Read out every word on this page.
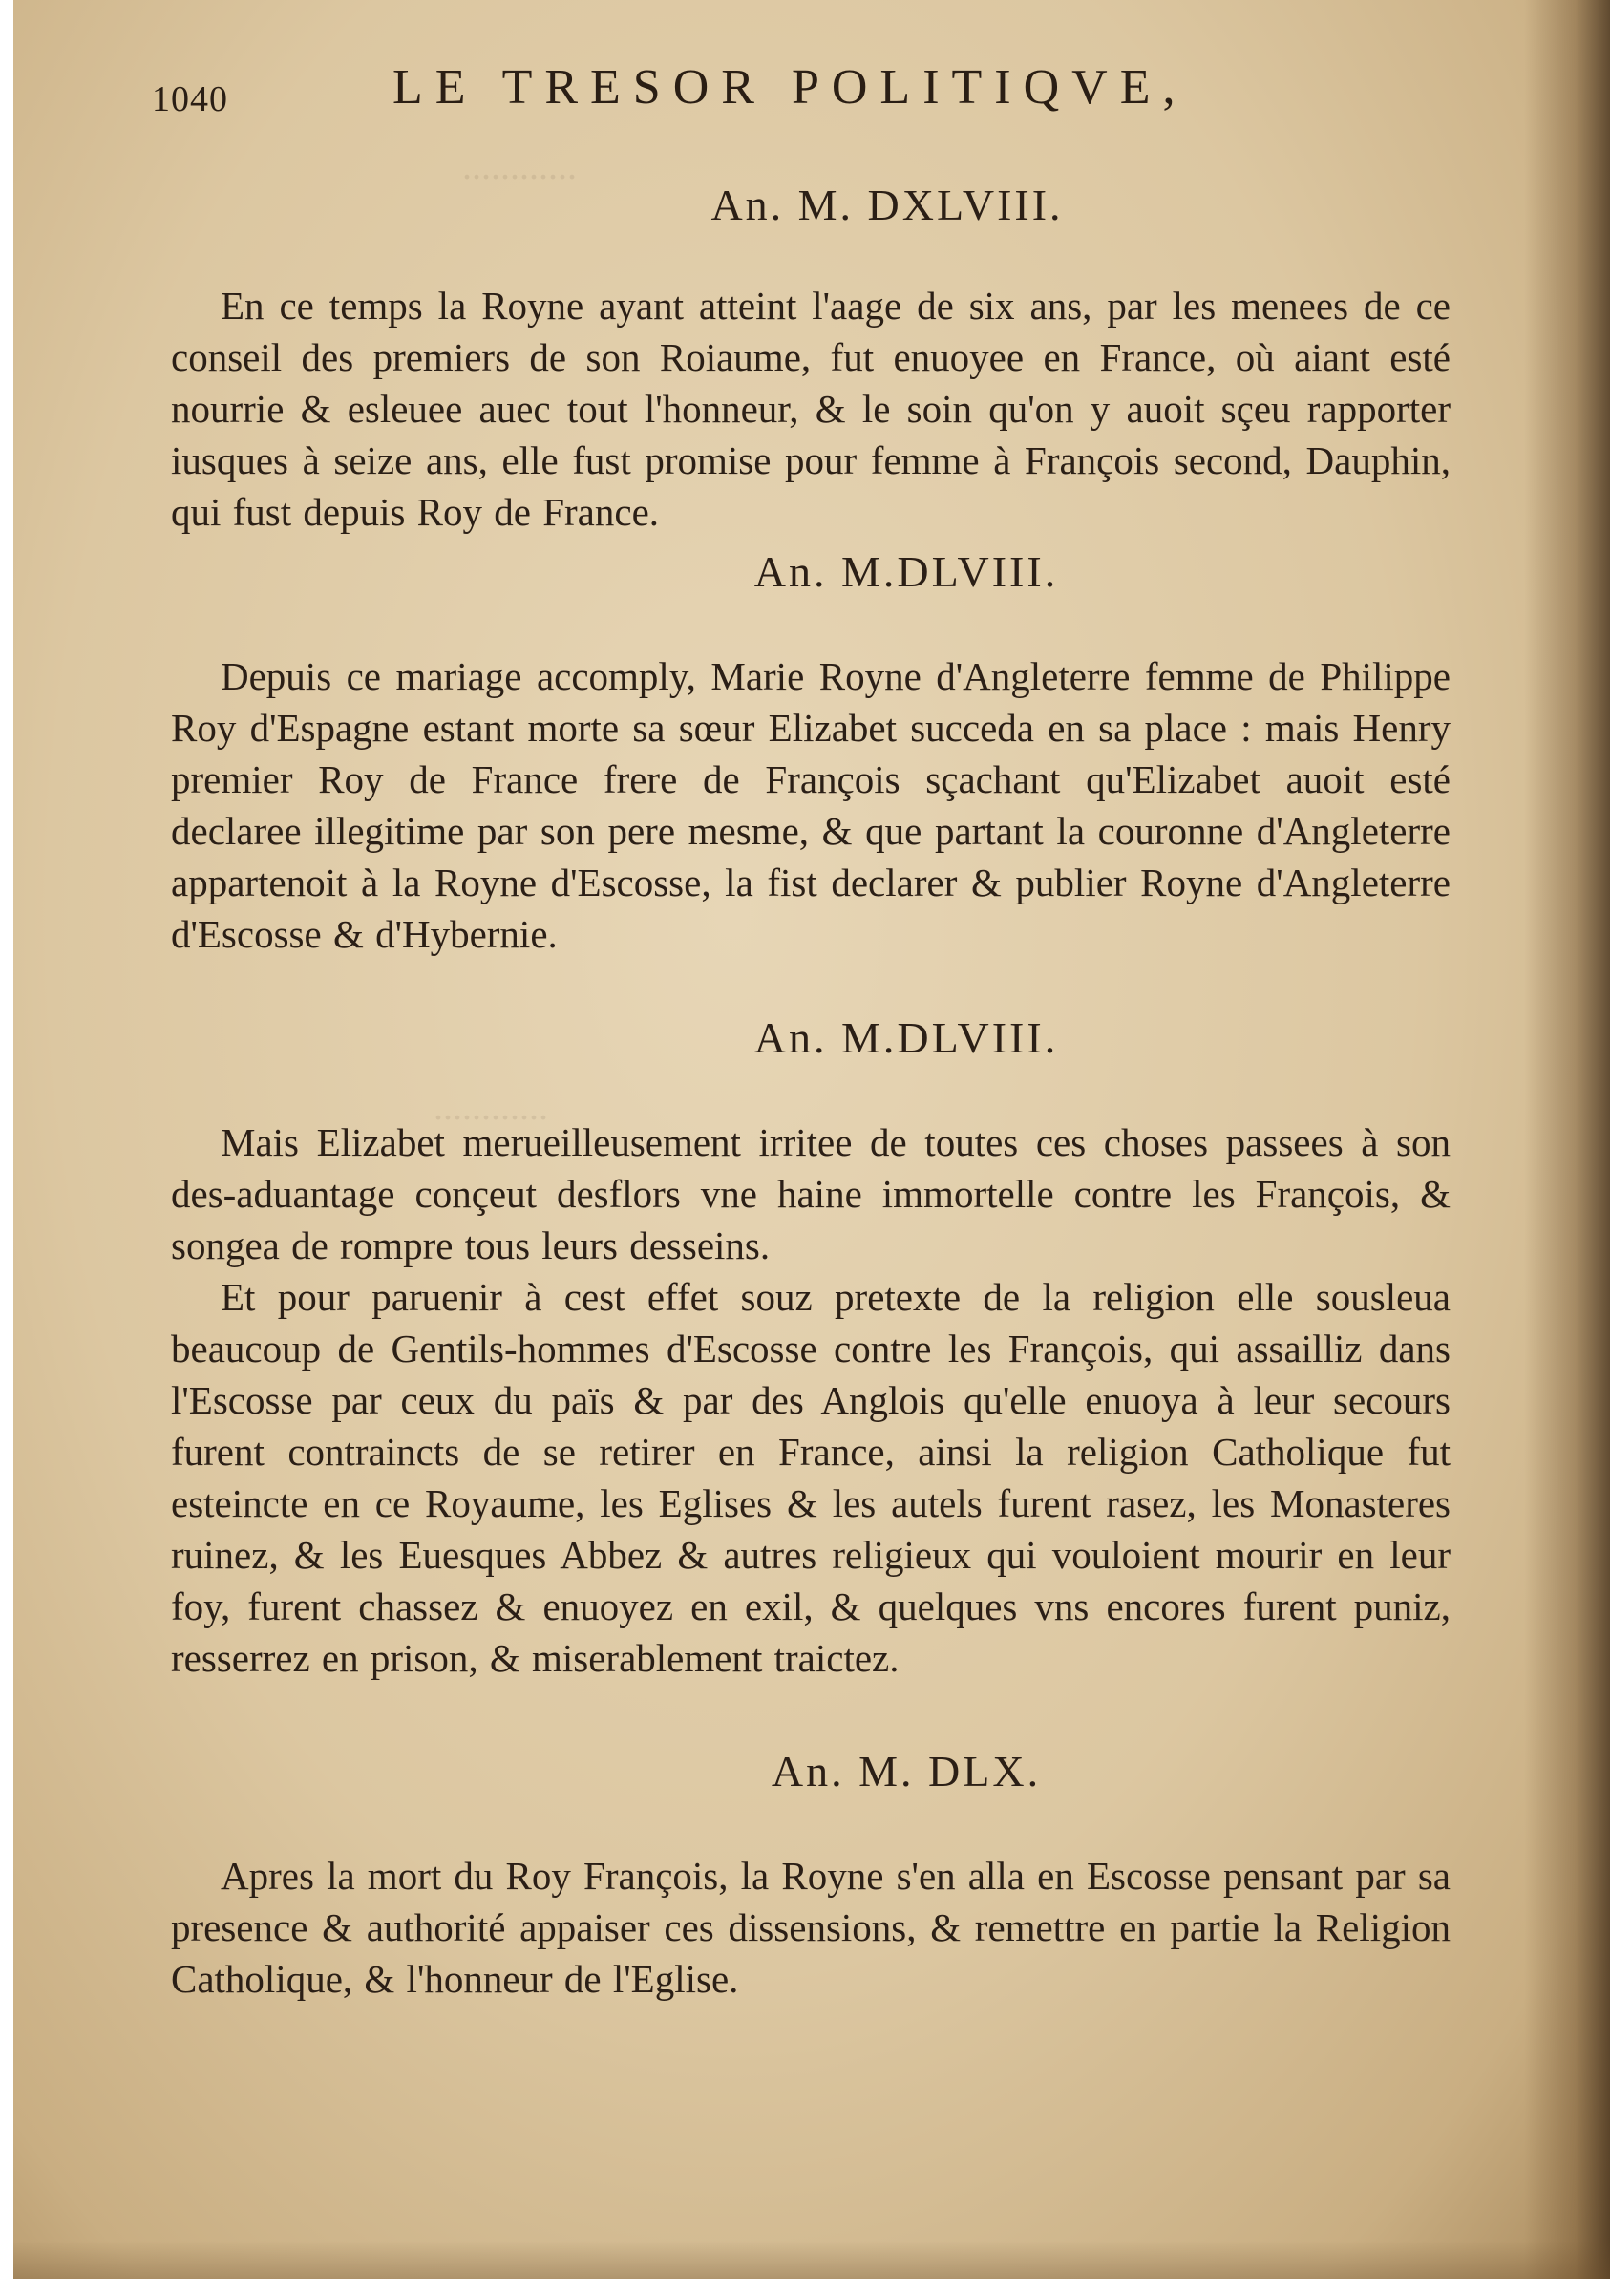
............
............
1040	LE TRESOR POLITIQVE,

An. M. DXLVIII.

En ce temps la Royne ayant atteint l'aage de six ans, par les menees de ce conseil des premiers de son Roiaume, fut enuoyee en France, où aiant esté nourrie & esleuee auec tout l'honneur, & le soin qu'on y auoit sçeu rapporter iusques à seize ans, elle fust promise pour femme à François second, Dauphin, qui fust depuis Roy de France.

An. M.DLVIII.

Depuis ce mariage accomply, Marie Royne d'Angleterre femme de Philippe Roy d'Espagne estant morte sa sœur Elizabet succeda en sa place : mais Henry premier Roy de France frere de François sçachant qu'Elizabet auoit esté declaree illegitime par son pere mesme, & que partant la couronne d'Angleterre appartenoit à la Royne d'Escosse, la fist declarer & publier Royne d'Angleterre d'Escosse & d'Hybernie.

An. M.DLVIII.

Mais Elizabet merueilleusement irritee de toutes ces choses passees à son des-aduantage conçeut desflors vne haine immortelle contre les François, & songea de rompre tous leurs desseins.

Et pour paruenir à cest effet souz pretexte de la religion elle sousleua beaucoup de Gentils-hommes d'Escosse contre les François, qui assailliz dans l'Escosse par ceux du païs & par des Anglois qu'elle enuoya à leur secours furent contraincts de se retirer en France, ainsi la religion Catholique fut esteincte en ce Royaume, les Eglises & les autels furent rasez, les Monasteres ruinez, & les Euesques Abbez & autres religieux qui vouloient mourir en leur foy, furent chassez & enuoyez en exil, & quelques vns encores furent puniz, resserrez en prison, & miserablement traictez.

An. M. DLX.

Apres la mort du Roy François, la Royne s'en alla en Escosse pensant par sa presence & authorité appaiser ces dissensions, & remettre en partie la Religion Catholique, & l'honneur de l'Eglise.
